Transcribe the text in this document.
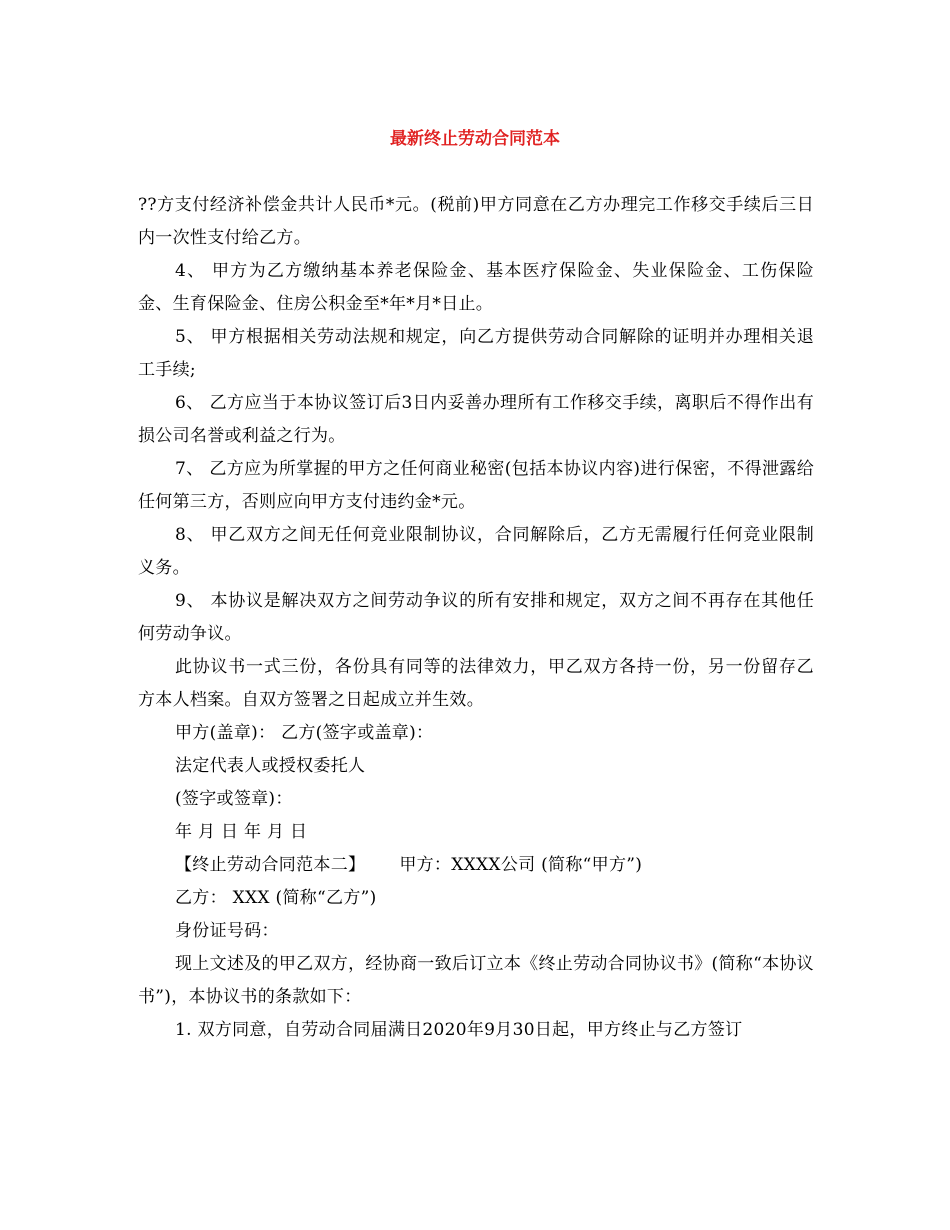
最新终止劳动合同范本

??方支付经济补偿金共计人民币*元。(税前)甲方同意在乙方办理完工作移交手续后三日内一次性支付给乙方。

4、 甲方为乙方缴纳基本养老保险金、基本医疗保险金、失业保险金、工伤保险金、生育保险金、住房公积金至*年*月*日止。

5、 甲方根据相关劳动法规和规定，向乙方提供劳动合同解除的证明并办理相关退工手续;

6、 乙方应当于本协议签订后3日内妥善办理所有工作移交手续，离职后不得作出有损公司名誉或利益之行为。

7、 乙方应为所掌握的甲方之任何商业秘密(包括本协议内容)进行保密，不得泄露给任何第三方，否则应向甲方支付违约金*元。

8、 甲乙双方之间无任何竞业限制协议，合同解除后，乙方无需履行任何竞业限制义务。

9、 本协议是解决双方之间劳动争议的所有安排和规定，双方之间不再存在其他任何劳动争议。

此协议书一式三份，各份具有同等的法律效力，甲乙双方各持一份，另一份留存乙方本人档案。自双方签署之日起成立并生效。

甲方(盖章)： 乙方(签字或盖章)：

法定代表人或授权委托人

(签字或签章)：

年 月 日 年 月 日

【终止劳动合同范本二】 甲方：XXXX公司 (简称“甲方”)

乙方： XXX (简称“乙方”)

身份证号码：

现上文述及的甲乙双方，经协商一致后订立本《终止劳动合同协议书》(简称“本协议书”)，本协议书的条款如下：

1. 双方同意，自劳动合同届满日2020年9月30日起，甲方终止与乙方签订
